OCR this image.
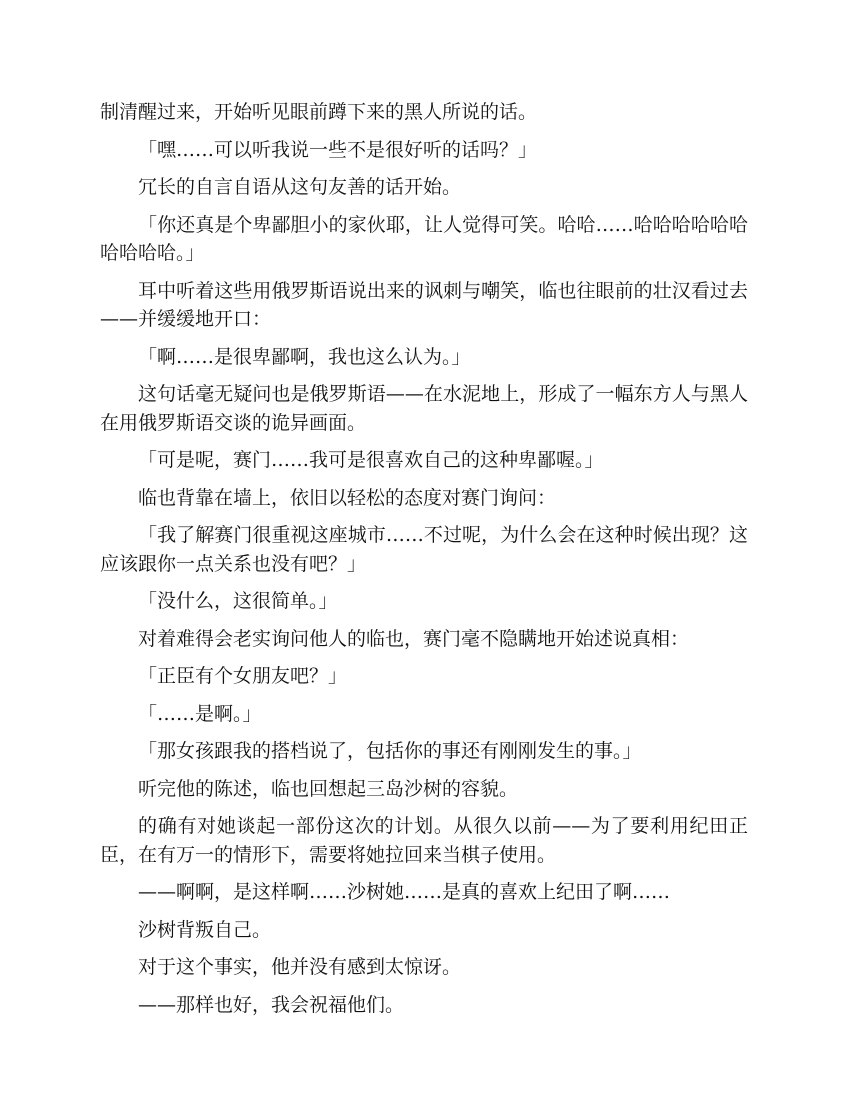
制清醒过来，开始听见眼前蹲下来的黑人所说的话。

「嘿……可以听我说一些不是很好听的话吗？」

冗长的自言自语从这句友善的话开始。

「你还真是个卑鄙胆小的家伙耶，让人觉得可笑。哈哈……哈哈哈哈哈哈哈哈哈哈。」

耳中听着这些用俄罗斯语说出来的讽刺与嘲笑，临也往眼前的壮汉看过去——并缓缓地开口：

「啊……是很卑鄙啊，我也这么认为。」

这句话毫无疑问也是俄罗斯语——在水泥地上，形成了一幅东方人与黑人在用俄罗斯语交谈的诡异画面。

「可是呢，赛门……我可是很喜欢自己的这种卑鄙喔。」

临也背靠在墙上，依旧以轻松的态度对赛门询问：

「我了解赛门很重视这座城市……不过呢，为什么会在这种时候出现？这应该跟你一点关系也没有吧？」

「没什么，这很简单。」

对着难得会老实询问他人的临也，赛门毫不隐瞒地开始述说真相：

「正臣有个女朋友吧？」

「……是啊。」

「那女孩跟我的搭档说了，包括你的事还有刚刚发生的事。」

听完他的陈述，临也回想起三岛沙树的容貌。

的确有对她谈起一部份这次的计划。从很久以前——为了要利用纪田正臣，在有万一的情形下，需要将她拉回来当棋子使用。

——啊啊，是这样啊……沙树她……是真的喜欢上纪田了啊……

沙树背叛自己。

对于这个事实，他并没有感到太惊讶。

——那样也好，我会祝福他们。
